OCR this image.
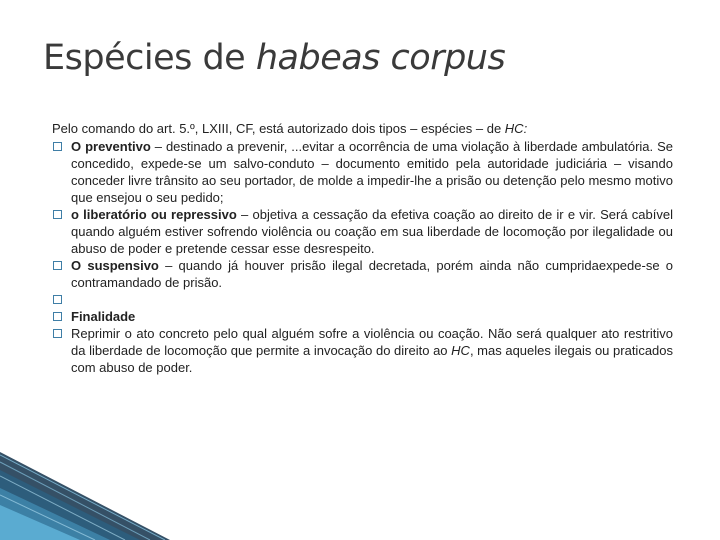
Espécies de habeas corpus

Pelo comando do art. 5.º, LXIII, CF, está autorizado dois tipos – espécies – de HC:

O preventivo – destinado a prevenir, ...evitar a ocorrência de uma violação à liberdade ambulatória. Se concedido, expede-se um salvo-conduto – documento emitido pela autoridade judiciária – visando conceder livre trânsito ao seu portador, de molde a impedir-lhe a prisão ou detenção pelo mesmo motivo que ensejou o seu pedido;
o liberatório ou repressivo – objetiva a cessação da efetiva coação ao direito de ir e vir. Será cabível quando alguém estiver sofrendo violência ou coação em sua liberdade de locomoção por ilegalidade ou abuso de poder e pretende cessar esse desrespeito.
O suspensivo – quando já houver prisão ilegal decretada, porém ainda não cumpridaexpede-se o contramandado de prisão.
Finalidade
Reprimir o ato concreto pelo qual alguém sofre a violência ou coação. Não será qualquer ato restritivo da liberdade de locomoção que permite a invocação do direito ao HC, mas aqueles ilegais ou praticados com abuso de poder.
